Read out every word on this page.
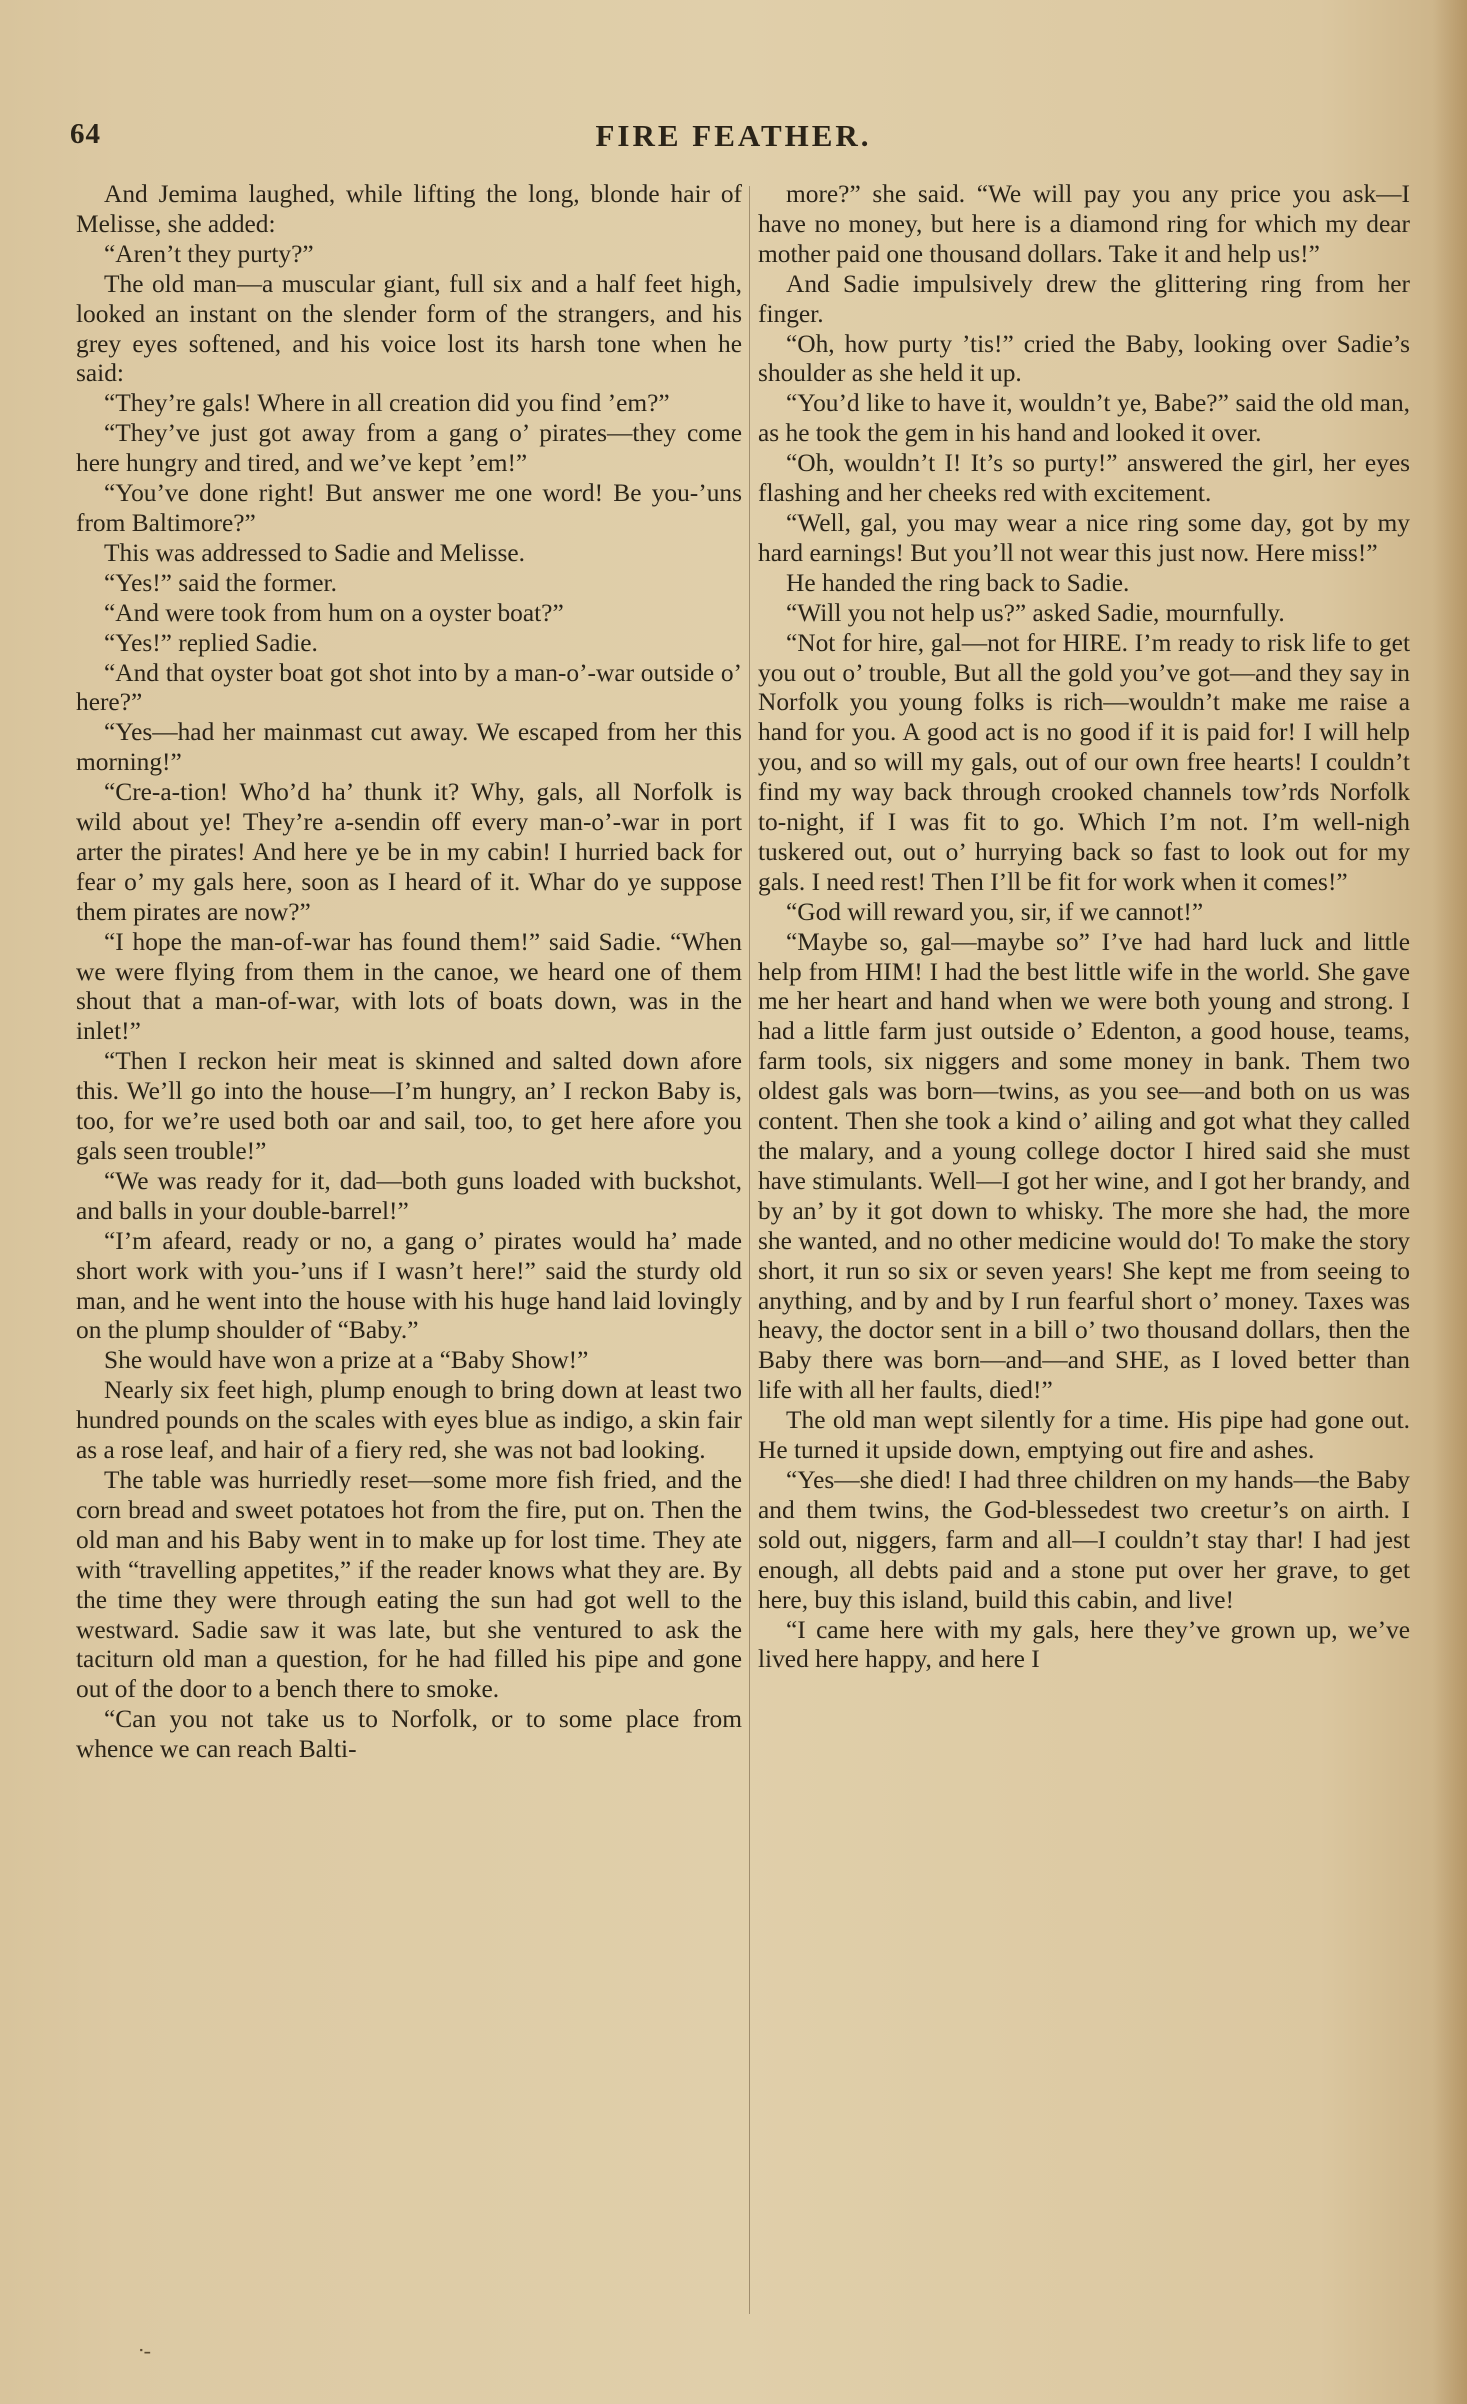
64	FIRE FEATHER.

And Jemima laughed, while lifting the long, blonde hair of Melisse, she added:

“Aren’t they purty?”

The old man—a muscular giant, full six and a half feet high, looked an instant on the slender form of the strangers, and his grey eyes softened, and his voice lost its harsh tone when he said:

“They’re gals! Where in all creation did you find ’em?”

“They’ve just got away from a gang o’ pirates—they come here hungry and tired, and we’ve kept ’em!”

“You’ve done right! But answer me one word! Be you-’uns from Baltimore?”

This was addressed to Sadie and Melisse.

“Yes!” said the former.

“And were took from hum on a oyster boat?”

“Yes!” replied Sadie.

“And that oyster boat got shot into by a man-o’-war outside o’ here?”

“Yes—had her mainmast cut away. We escaped from her this morning!”

“Cre-a-tion! Who’d ha’ thunk it? Why, gals, all Norfolk is wild about ye! They’re a-sendin off every man-o’-war in port arter the pirates! And here ye be in my cabin! I hurried back for fear o’ my gals here, soon as I heard of it. Whar do ye suppose them pirates are now?”

“I hope the man-of-war has found them!” said Sadie. “When we were flying from them in the canoe, we heard one of them shout that a man-of-war, with lots of boats down, was in the inlet!”

“Then I reckon heir meat is skinned and salted down afore this. We’ll go into the house—I’m hungry, an’ I reckon Baby is, too, for we’re used both oar and sail, too, to get here afore you gals seen trouble!”

“We was ready for it, dad—both guns loaded with buckshot, and balls in your double-barrel!”

“I’m afeard, ready or no, a gang o’ pirates would ha’ made short work with you-’uns if I wasn’t here!” said the sturdy old man, and he went into the house with his huge hand laid lovingly on the plump shoulder of “Baby.”

She would have won a prize at a “Baby Show!”

Nearly six feet high, plump enough to bring down at least two hundred pounds on the scales with eyes blue as indigo, a skin fair as a rose leaf, and hair of a fiery red, she was not bad looking.

The table was hurriedly reset—some more fish fried, and the corn bread and sweet potatoes hot from the fire, put on. Then the old man and his Baby went in to make up for lost time. They ate with “travelling appetites,” if the reader knows what they are. By the time they were through eating the sun had got well to the westward. Sadie saw it was late, but she ventured to ask the taciturn old man a question, for he had filled his pipe and gone out of the door to a bench there to smoke.

“Can you not take us to Norfolk, or to some place from whence we can reach Balti-

more?” she said. “We will pay you any price you ask—I have no money, but here is a diamond ring for which my dear mother paid one thousand dollars. Take it and help us!”

And Sadie impulsively drew the glittering ring from her finger.

“Oh, how purty ’tis!” cried the Baby, looking over Sadie’s shoulder as she held it up.

“You’d like to have it, wouldn’t ye, Babe?” said the old man, as he took the gem in his hand and looked it over.

“Oh, wouldn’t I! It’s so purty!” answered the girl, her eyes flashing and her cheeks red with excitement.

“Well, gal, you may wear a nice ring some day, got by my hard earnings! But you’ll not wear this just now. Here miss!”

He handed the ring back to Sadie.

“Will you not help us?” asked Sadie, mournfully.

“Not for hire, gal—not for HIRE. I’m ready to risk life to get you out o’ trouble, But all the gold you’ve got—and they say in Norfolk you young folks is rich—wouldn’t make me raise a hand for you. A good act is no good if it is paid for! I will help you, and so will my gals, out of our own free hearts! I couldn’t find my way back through crooked channels tow’rds Norfolk to-night, if I was fit to go. Which I’m not. I’m well-nigh tuskered out, out o’ hurrying back so fast to look out for my gals. I need rest! Then I’ll be fit for work when it comes!”

“God will reward you, sir, if we cannot!”

“Maybe so, gal—maybe so” I’ve had hard luck and little help from HIM! I had the best little wife in the world. She gave me her heart and hand when we were both young and strong. I had a little farm just outside o’ Edenton, a good house, teams, farm tools, six niggers and some money in bank. Them two oldest gals was born—twins, as you see—and both on us was content. Then she took a kind o’ ailing and got what they called the malary, and a young college doctor I hired said she must have stimulants. Well—I got her wine, and I got her brandy, and by an’ by it got down to whisky. The more she had, the more she wanted, and no other medicine would do! To make the story short, it run so six or seven years! She kept me from seeing to anything, and by and by I run fearful short o’ money. Taxes was heavy, the doctor sent in a bill o’ two thousand dollars, then the Baby there was born—and—and SHE, as I loved better than life with all her faults, died!”

The old man wept silently for a time. His pipe had gone out. He turned it upside down, emptying out fire and ashes.

“Yes—she died! I had three children on my hands—the Baby and them twins, the God-blessedest two creetur’s on airth. I sold out, niggers, farm and all—I couldn’t stay thar! I had jest enough, all debts paid and a stone put over her grave, to get here, buy this island, build this cabin, and live!

“I came here with my gals, here they’ve grown up, we’ve lived here happy, and here I

ᐧ‑
